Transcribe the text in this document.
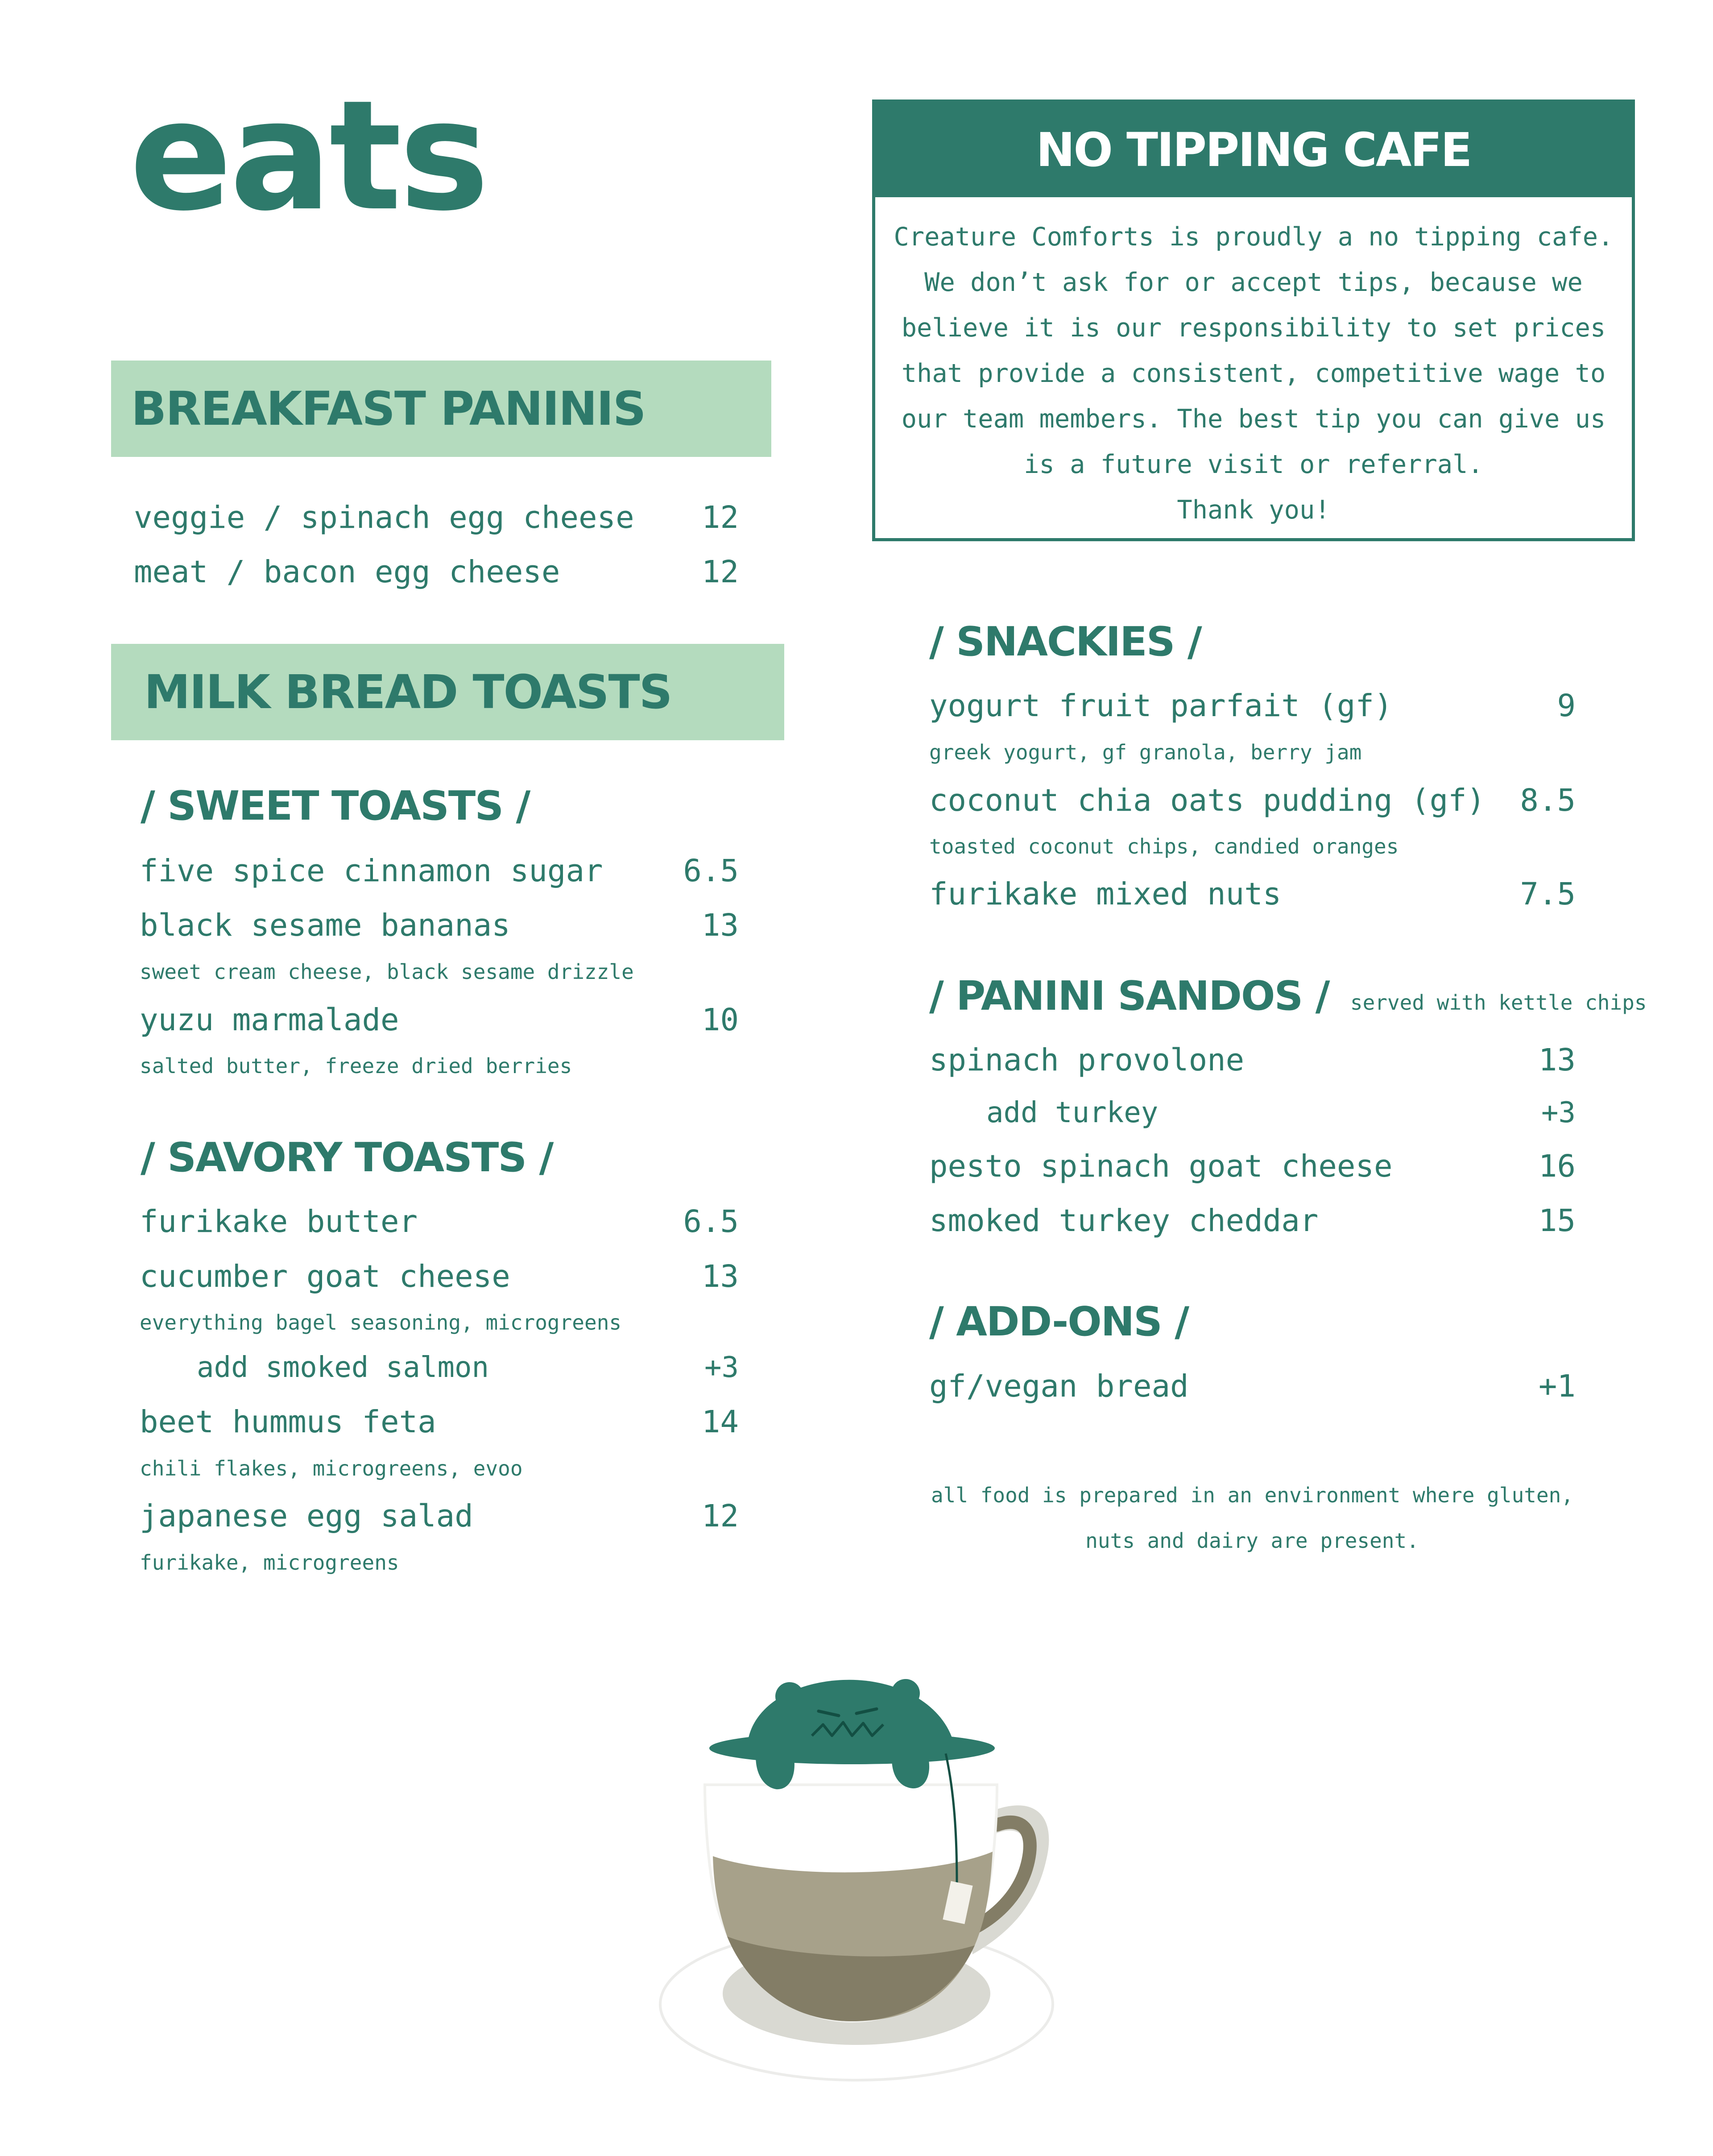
eats
BREAKFAST PANINIS
veggie / spinach egg cheese	12
meat / bacon egg cheese	12
MILK BREAD TOASTS
/ SWEET TOASTS /
five spice cinnamon sugar	6.5
black sesame bananas	13
sweet cream cheese, black sesame drizzle
yuzu marmalade	10
salted butter, freeze dried berries
/ SAVORY TOASTS /
furikake butter	6.5
cucumber goat cheese	13
everything bagel seasoning, microgreens
add smoked salmon	+3
beet hummus feta	14
chili flakes, microgreens, evoo
japanese egg salad	12
furikake, microgreens
NO TIPPING CAFE
Creature Comforts is proudly a no tipping cafe.
We don’t ask for or accept tips, because we
believe it is our responsibility to set prices
that provide a consistent, competitive wage to
our team members. The best tip you can give us
is a future visit or referral.
Thank you!
/ SNACKIES /
yogurt fruit parfait (gf)	9
greek yogurt, gf granola, berry jam
coconut chia oats pudding (gf)	8.5
toasted coconut chips, candied oranges
furikake mixed nuts	7.5
/ PANINI SANDOS / served with kettle chips
spinach provolone	13
add turkey	+3
pesto spinach goat cheese	16
smoked turkey cheddar	15
/ ADD-ONS /
gf/vegan bread	+1
all food is prepared in an environment where gluten,
nuts and dairy are present.
